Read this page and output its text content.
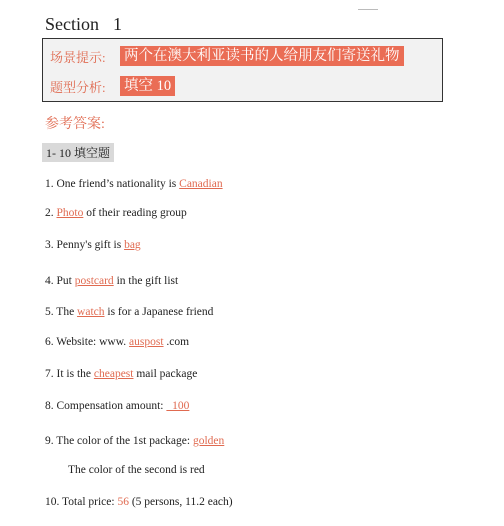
Section 1
场景提示:	两个在澳大利亚读书的人给朋友们寄送礼物
题型分析:	填空 10
参考答案:
1- 10 填空题
1. One friend’s nationality is Canadian
2. Photo of their reading group
3. Penny's gift is bag
4. Put postcard in the gift list
5. The watch is for a Japanese friend
6. Website: www. auspost .com
7. It is the cheapest mail package
8. Compensation amount:   100
9. The color of the 1st package: golden
The color of the second is red
10. Total price: 56 (5 persons, 11.2 each)
